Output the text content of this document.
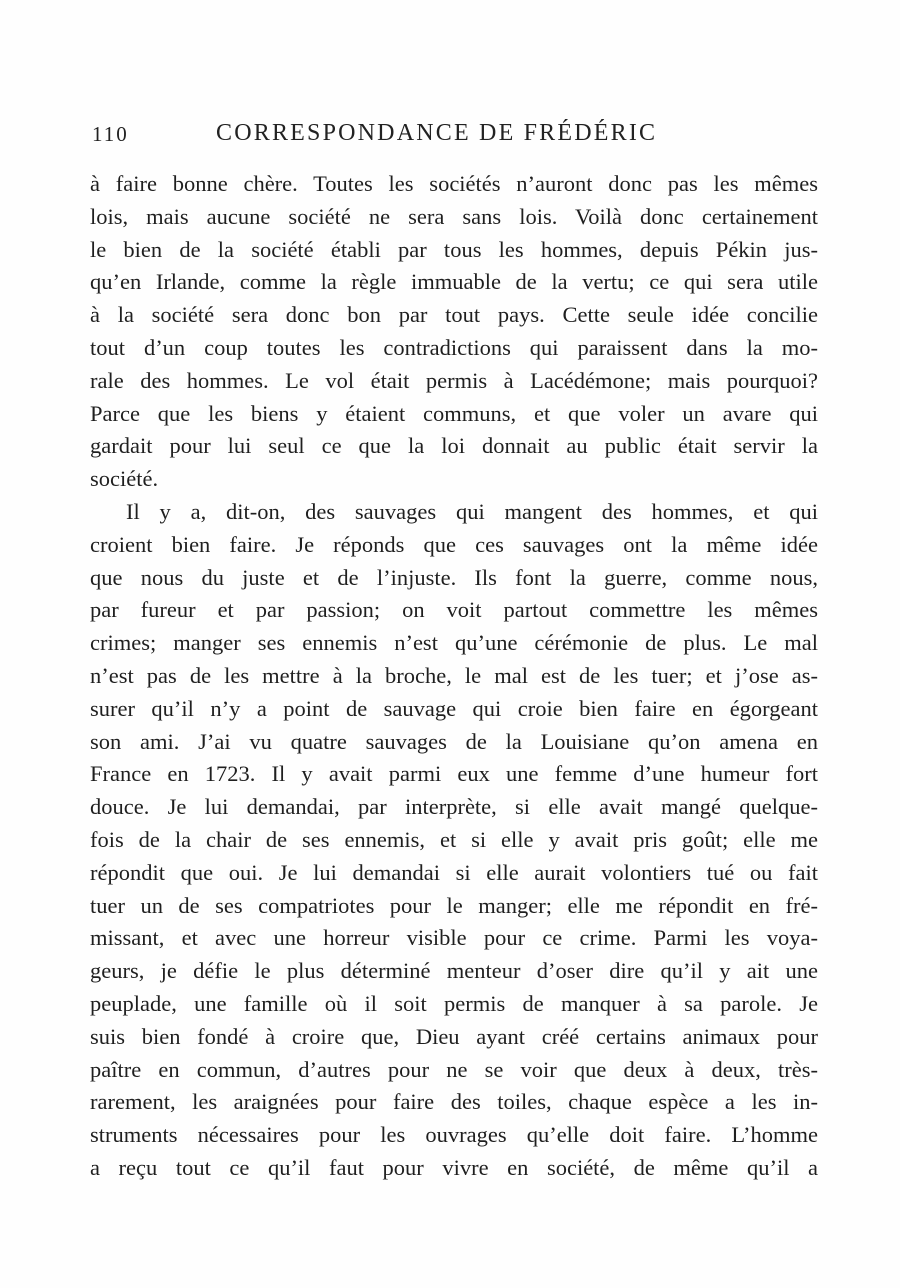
110	CORRESPONDANCE DE FRÉDÉRIC
à faire bonne chère. Toutes les sociétés n’auront donc pas les mêmes
lois, mais aucune société ne sera sans lois. Voilà donc certainement
le bien de la société établi par tous les hommes, depuis Pékin jus-
qu’en Irlande, comme la règle immuable de la vertu; ce qui sera utile
à la société sera donc bon par tout pays. Cette seule idée concilie
tout d’un coup toutes les contradictions qui paraissent dans la mo-
rale des hommes. Le vol était permis à Lacédémone; mais pourquoi?
Parce que les biens y étaient communs, et que voler un avare qui
gardait pour lui seul ce que la loi donnait au public était servir la
société.
Il y a, dit-on, des sauvages qui mangent des hommes, et qui
croient bien faire. Je réponds que ces sauvages ont la même idée
que nous du juste et de l’injuste. Ils font la guerre, comme nous,
par fureur et par passion; on voit partout commettre les mêmes
crimes; manger ses ennemis n’est qu’une cérémonie de plus. Le mal
n’est pas de les mettre à la broche, le mal est de les tuer; et j’ose as-
surer qu’il n’y a point de sauvage qui croie bien faire en égorgeant
son ami. J’ai vu quatre sauvages de la Louisiane qu’on amena en
France en 1723. Il y avait parmi eux une femme d’une humeur fort
douce. Je lui demandai, par interprète, si elle avait mangé quelque-
fois de la chair de ses ennemis, et si elle y avait pris goût; elle me
répondit que oui. Je lui demandai si elle aurait volontiers tué ou fait
tuer un de ses compatriotes pour le manger; elle me répondit en fré-
missant, et avec une horreur visible pour ce crime. Parmi les voya-
geurs, je défie le plus déterminé menteur d’oser dire qu’il y ait une
peuplade, une famille où il soit permis de manquer à sa parole. Je
suis bien fondé à croire que, Dieu ayant créé certains animaux pour
paître en commun, d’autres pour ne se voir que deux à deux, très-
rarement, les araignées pour faire des toiles, chaque espèce a les in-
struments nécessaires pour les ouvrages qu’elle doit faire. L’homme
a reçu tout ce qu’il faut pour vivre en société, de même qu’il a
